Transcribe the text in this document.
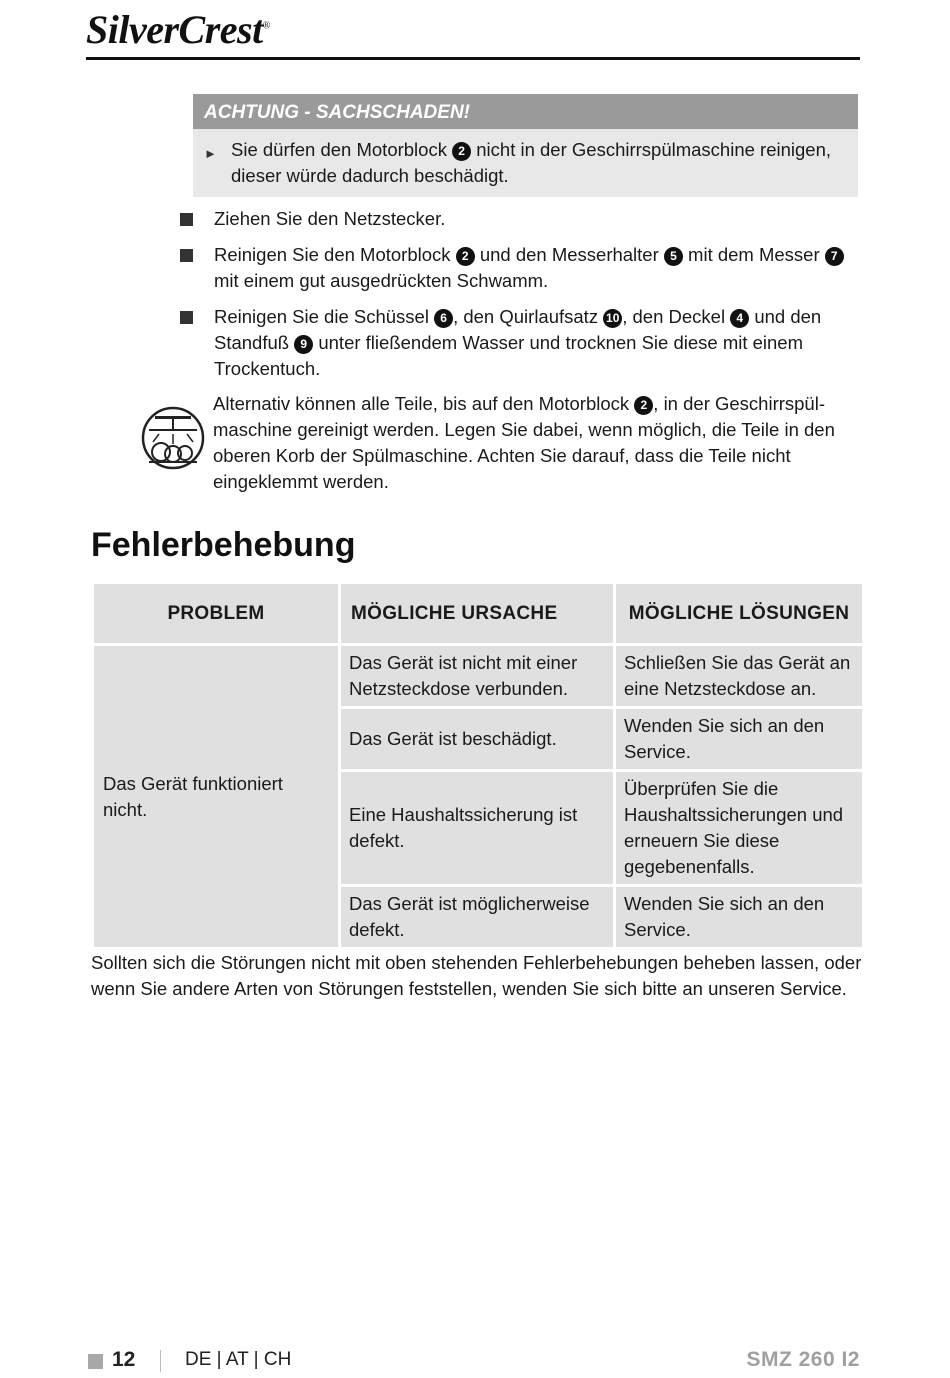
SilverCrest®
ACHTUNG - SACHSCHADEN!
► Sie dürfen den Motorblock 2 nicht in der Geschirrspülmaschine reinigen, dieser würde dadurch beschädigt.
Ziehen Sie den Netzstecker.
Reinigen Sie den Motorblock 2 und den Messerhalter 5 mit dem Messer 7 mit einem gut ausgedrückten Schwamm.
Reinigen Sie die Schüssel 6 , den Quirlaufsatz 10 , den Deckel 4 und den Standfuß 9 unter fließendem Wasser und trocknen Sie diese mit einem Trockentuch.
Alternativ können alle Teile, bis auf den Motorblock 2 , in der Geschirrspül-maschine gereinigt werden. Legen Sie dabei, wenn möglich, die Teile in den oberen Korb der Spülmaschine. Achten Sie darauf, dass die Teile nicht eingeklemmt werden.
Fehlerbehebung
PROBLEM	MÖGLICHE URSACHE	MÖGLICHE LÖSUNGEN
Das Gerät funktioniert nicht.	Das Gerät ist nicht mit einer Netzsteckdose verbunden.	Schließen Sie das Gerät an eine Netzsteckdose an.
	Das Gerät ist beschädigt.	Wenden Sie sich an den Service.
	Eine Haushaltssicherung ist defekt.	Überprüfen Sie die Haushaltssicherungen und erneuern Sie diese gegebenenfalls.
	Das Gerät ist möglicherweise defekt.	Wenden Sie sich an den Service.
Sollten sich die Störungen nicht mit oben stehenden Fehlerbehebungen beheben lassen, oder wenn Sie andere Arten von Störungen feststellen, wenden Sie sich bitte an unseren Service.
12	DE | AT | CH	SMZ 260 I2
